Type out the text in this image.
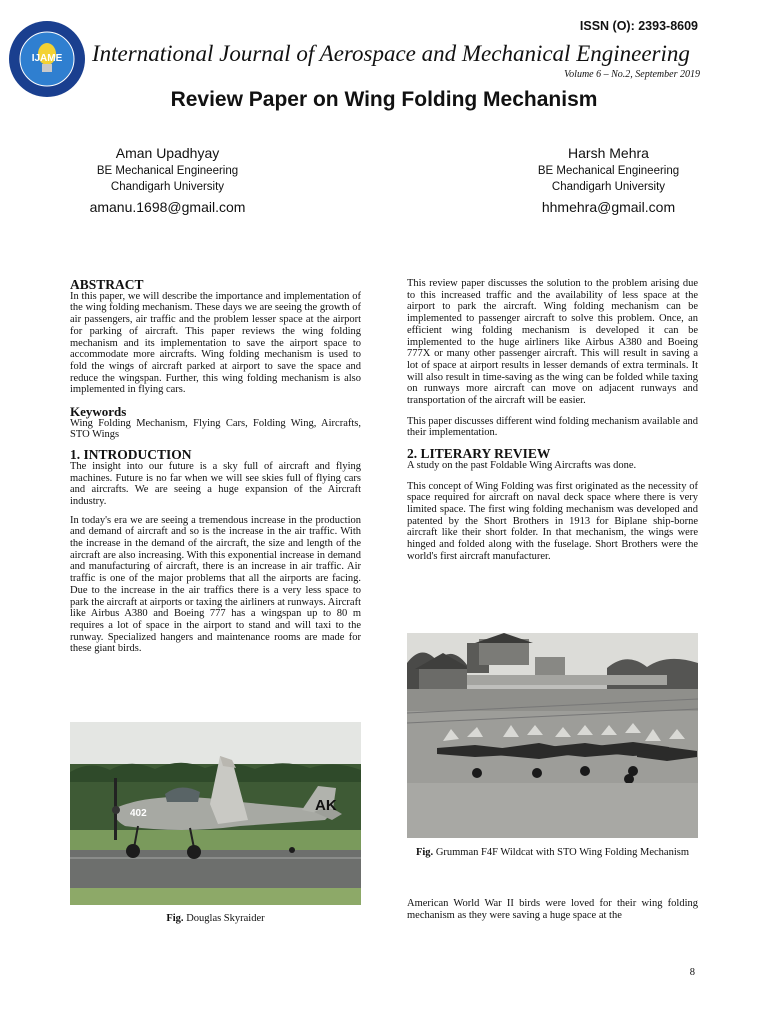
ISSN (O): 2393-8609
IJAME International Journal of Aerospace and Mechanical Engineering
Volume 6 – No.2, September 2019
Review Paper on Wing Folding Mechanism
Aman Upadhyay
BE Mechanical Engineering
Chandigarh University
amanu.1698@gmail.com
Harsh Mehra
BE Mechanical Engineering
Chandigarh University
hhmehra@gmail.com
ABSTRACT

In this paper, we will describe the importance and implementation of the wing folding mechanism. These days we are seeing the growth of air passengers, air traffic and the problem lesser space at the airport for parking of aircraft. This paper reviews the wing folding mechanism and its implementation to save the airport space to accommodate more aircrafts. Wing folding mechanism is used to fold the wings of aircraft parked at airport to save the space and reduce the wingspan. Further, this wing folding mechanism is also implemented in flying cars.

Keywords

Wing Folding Mechanism, Flying Cars, Folding Wing, Aircrafts, STO Wings

1. INTRODUCTION

The insight into our future is a sky full of aircraft and flying machines. Future is no far when we will see skies full of flying cars and aircrafts. We are seeing a huge expansion of the Aircraft industry.

In today's era we are seeing a tremendous increase in the production and demand of aircraft and so is the increase in the air traffic. With the increase in the demand of the aircraft, the size and length of the aircraft are also increasing. With this exponential increase in demand and manufacturing of aircraft, there is an increase in air traffic. Air traffic is one of the major problems that all the airports are facing. Due to the increase in the air traffics there is a very less space to park the aircraft at airports or taxing the airliners at runways. Aircraft like Airbus A380 and Boeing 777 has a wingspan up to 80 m requires a lot of space in the airport to stand and will taxi to the runway. Specialized hangers and maintenance rooms are made for these giant birds.

AK
402
Fig. Douglas Skyraider

This review paper discusses the solution to the problem arising due to this increased traffic and the availability of less space at the airport to park the aircraft. Wing folding mechanism can be implemented to passenger aircraft to solve this problem. Once, an efficient wing folding mechanism is developed it can be implemented to the huge airliners like Airbus A380 and Boeing 777X or many other passenger aircraft. This will result in saving a lot of space at airport results in lesser demands of extra terminals. It will also result in time-saving as the wing can be folded while taxing on runways more aircraft can move on adjacent runways and transportation of the aircraft will be easier.

This paper discusses different wind folding mechanism available and their implementation.

2. LITERARY REVIEW

A study on the past Foldable Wing Aircrafts was done.

This concept of Wing Folding was first originated as the necessity of space required for aircraft on naval deck space where there is very limited space. The first wing folding mechanism was developed and patented by the Short Brothers in 1913 for Biplane ship-borne aircraft like their short folder. In that mechanism, the wings were hinged and folded along with the fuselage. Short Brothers were the world's first aircraft manufacturer.

Fig. Grumman F4F Wildcat with STO Wing Folding Mechanism

American World War II birds were loved for their wing folding mechanism as they were saving a huge space at the

8
